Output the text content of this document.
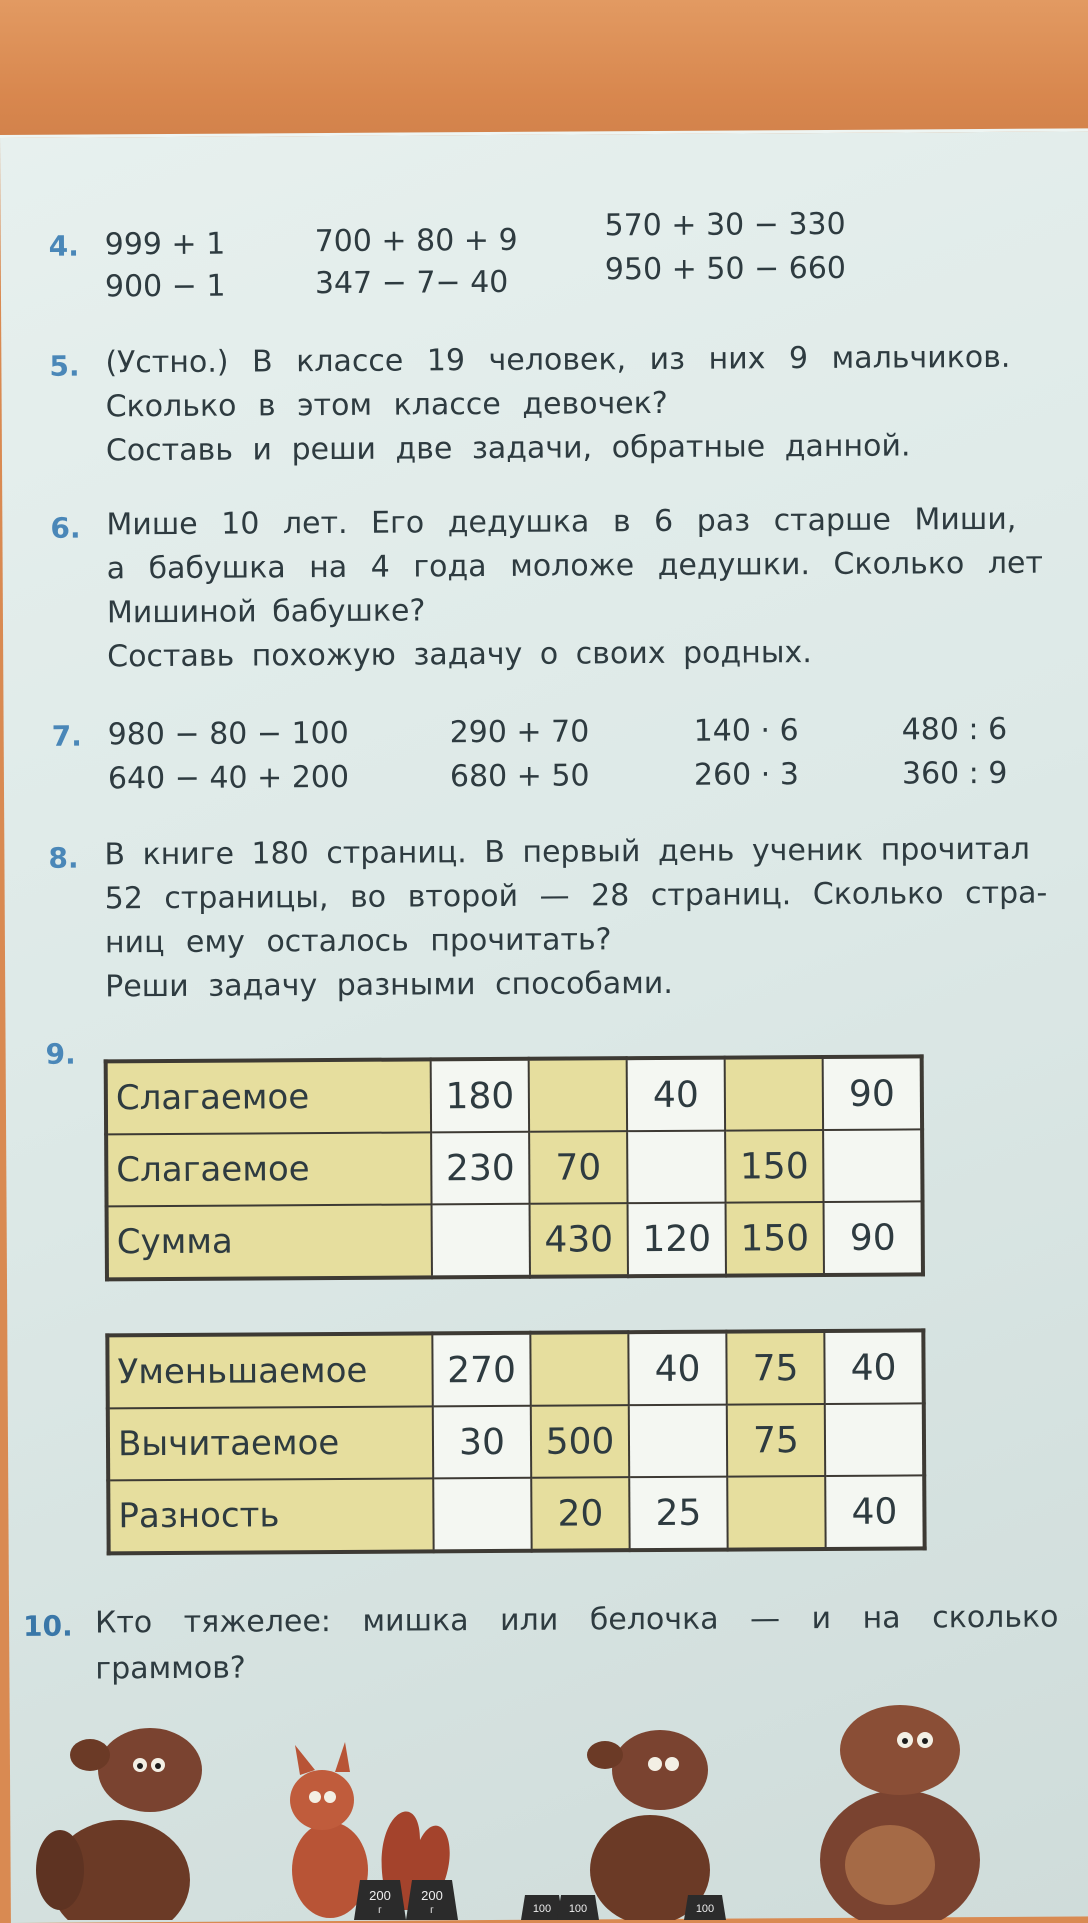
4. 999 + 1
900 − 1
700 + 80 + 9
347 − 7− 40
570 + 30 − 330
950 + 50 − 660
5. (Устно.) В классе 19 человек, из них 9 мальчиков.
Сколько в этом классе девочек?
Составь и реши две задачи, обратные данной.
6. Мише 10 лет. Его дедушка в 6 раз старше Миши,
а бабушка на 4 года моложе дедушки. Сколько лет
Мишиной бабушке?
Составь похожую задачу о своих родных.
7. 980 − 80 − 100
640 − 40 + 200
290 + 70
680 + 50
140 · 6
260 · 3
480 : 6
360 : 9
8. В книге 180 страниц. В первый день ученик прочитал
52 страницы, во второй — 28 страниц. Сколько стра-
ниц ему осталось прочитать?
Реши задачу разными способами.
9.
Слагаемое	180		40		90
Слагаемое	230	70		150	
Сумма		430	120	150	90
Уменьшаемое	270		40	75	40
Вычитаемое	30	500		75	
Разность		20	25		40
10. Кто тяжелее: мишка или белочка — и на сколько
граммов?
200
г
200
г	100 100	100
